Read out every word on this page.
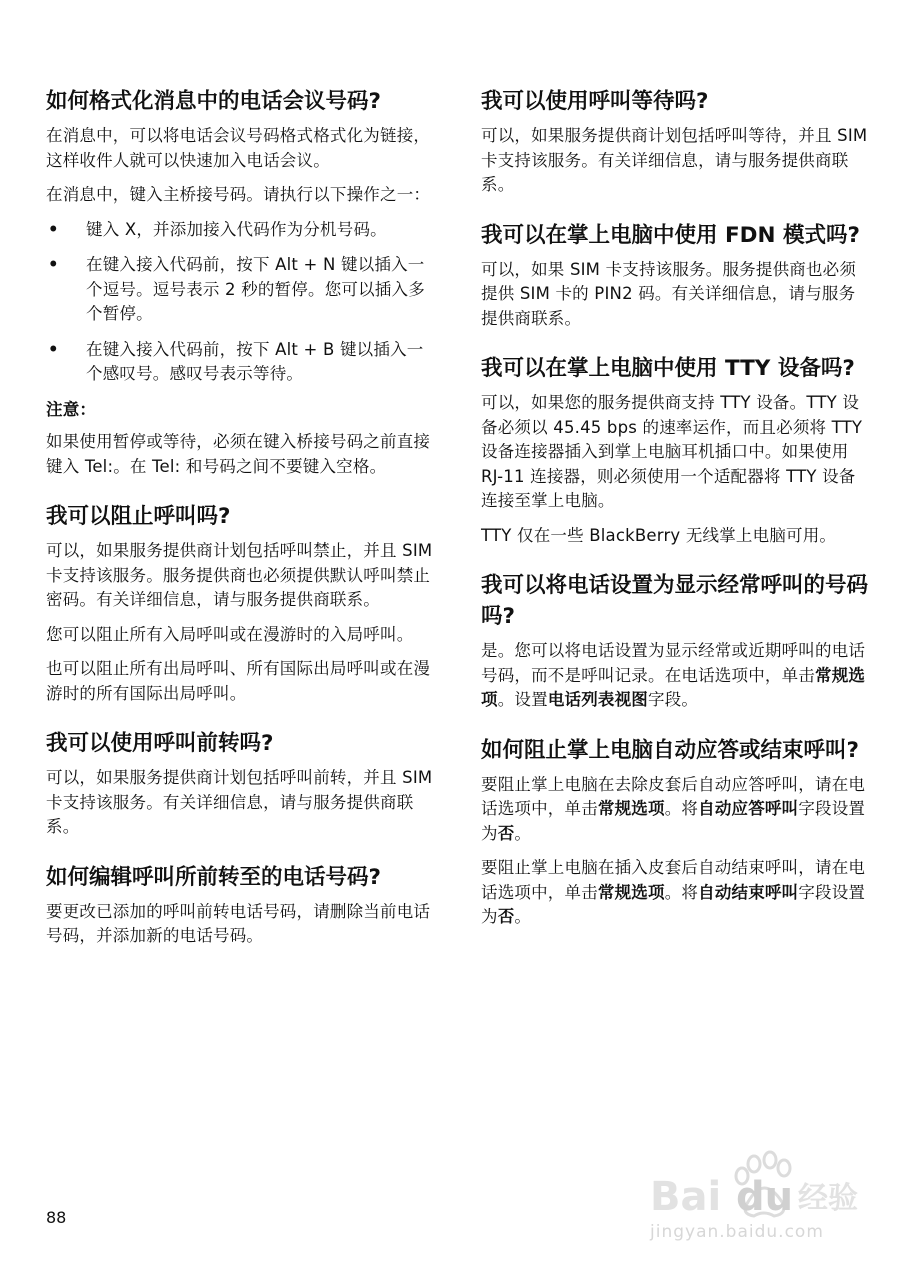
如何格式化消息中的电话会议号码?

在消息中，可以将电话会议号码格式格式化为链接，这样收件人就可以快速加入电话会议。

在消息中，键入主桥接号码。请执行以下操作之一：

• 键入 X，并添加接入代码作为分机号码。
• 在键入接入代码前，按下 Alt + N 键以插入一个逗号。逗号表示 2 秒的暂停。您可以插入多个暂停。
• 在键入接入代码前，按下 Alt + B 键以插入一个感叹号。感叹号表示等待。

注意：

如果使用暂停或等待，必须在键入桥接号码之前直接键入 Tel:。在 Tel: 和号码之间不要键入空格。

我可以阻止呼叫吗?

可以，如果服务提供商计划包括呼叫禁止，并且 SIM 卡支持该服务。服务提供商也必须提供默认呼叫禁止密码。有关详细信息，请与服务提供商联系。

您可以阻止所有入局呼叫或在漫游时的入局呼叫。

也可以阻止所有出局呼叫、所有国际出局呼叫或在漫游时的所有国际出局呼叫。

我可以使用呼叫前转吗?

可以，如果服务提供商计划包括呼叫前转，并且 SIM 卡支持该服务。有关详细信息，请与服务提供商联系。

如何编辑呼叫所前转至的电话号码?

要更改已添加的呼叫前转电话号码，请删除当前电话号码，并添加新的电话号码。

我可以使用呼叫等待吗?

可以，如果服务提供商计划包括呼叫等待，并且 SIM 卡支持该服务。有关详细信息，请与服务提供商联系。

我可以在掌上电脑中使用 FDN 模式吗?

可以，如果 SIM 卡支持该服务。服务提供商也必须提供 SIM 卡的 PIN2 码。有关详细信息，请与服务提供商联系。

我可以在掌上电脑中使用 TTY 设备吗?

可以，如果您的服务提供商支持 TTY 设备。TTY 设备必须以 45.45 bps 的速率运作，而且必须将 TTY 设备连接器插入到掌上电脑耳机插口中。如果使用 RJ-11 连接器，则必须使用一个适配器将 TTY 设备连接至掌上电脑。

TTY 仅在一些 BlackBerry 无线掌上电脑可用。

我可以将电话设置为显示经常呼叫的号码吗?

是。您可以将电话设置为显示经常或近期呼叫的电话号码，而不是呼叫记录。在电话选项中，单击常规选项。设置电话列表视图字段。

如何阻止掌上电脑自动应答或结束呼叫?

要阻止掌上电脑在去除皮套后自动应答呼叫，请在电话选项中，单击常规选项。将自动应答呼叫字段设置为否。

要阻止掌上电脑在插入皮套后自动结束呼叫，请在电话选项中，单击常规选项。将自动结束呼叫字段设置为否。

88	Bai du 经验
jingyan.baidu.com
